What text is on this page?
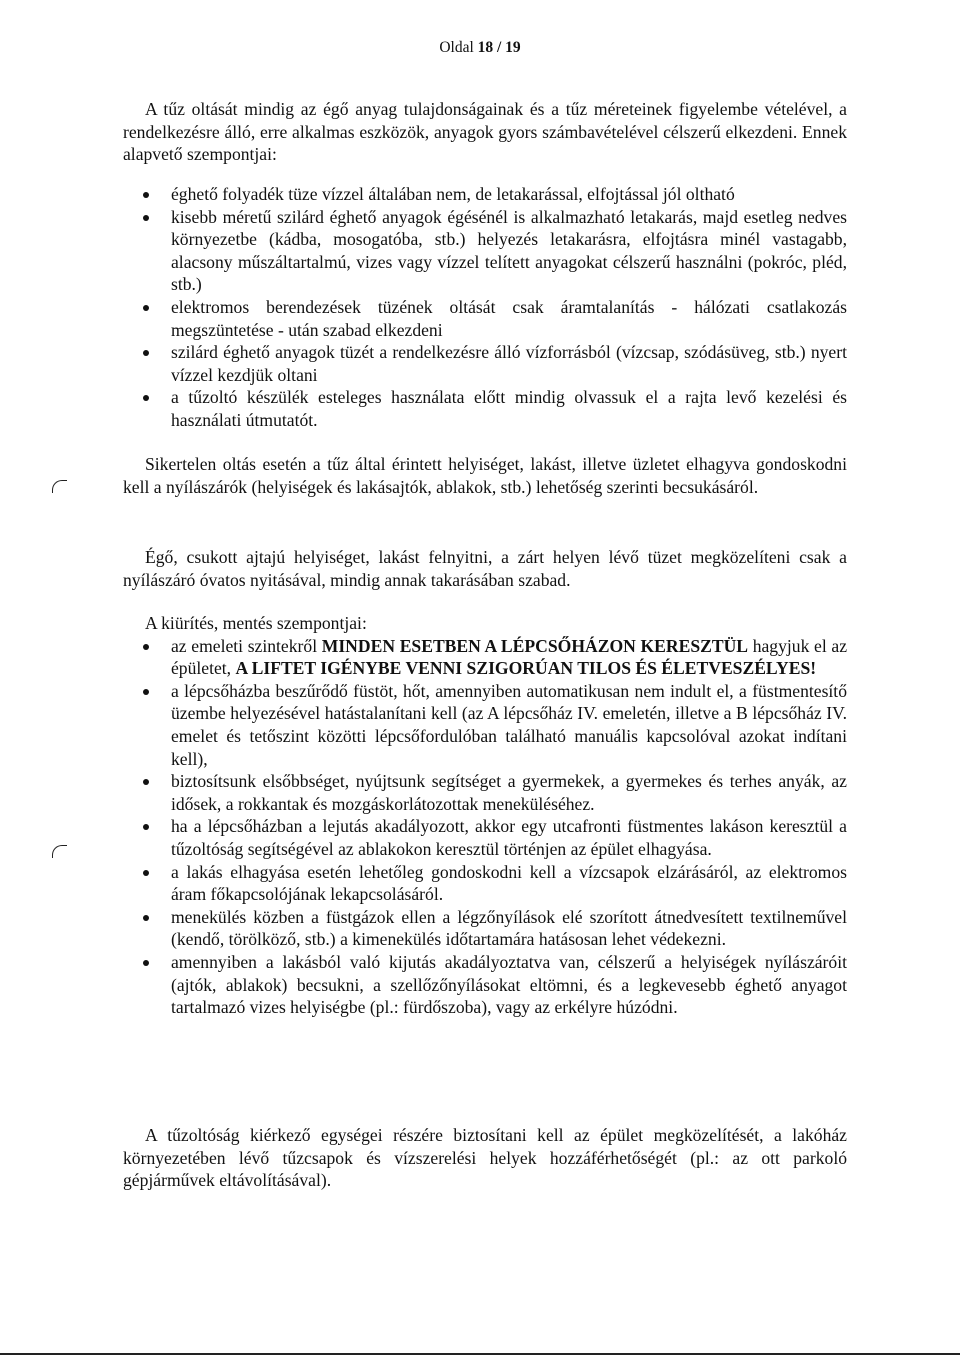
Oldal 18 / 19

A tűz oltását mindig az égő anyag tulajdonságainak és a tűz méreteinek figyelembe vételével, a rendelkezésre álló, erre alkalmas eszközök, anyagok gyors számbavételével célszerű elkezdeni. Ennek alapvető szempontjai:

éghető folyadék tüze vízzel általában nem, de letakarással, elfojtással jól oltható
kisebb méretű szilárd éghető anyagok égésénél is alkalmazható letakarás, majd esetleg nedves környezetbe (kádba, mosogatóba, stb.) helyezés letakarásra, elfojtásra minél vastagabb, alacsony műszáltartalmú, vizes vagy vízzel telített anyagokat célszerű használni (pokróc, pléd, stb.)
elektromos berendezések tüzének oltását csak áramtalanítás - hálózati csatlakozás megszüntetése - után szabad elkezdeni
szilárd éghető anyagok tüzét a rendelkezésre álló vízforrásból (vízcsap, szódásüveg, stb.) nyert vízzel kezdjük oltani
a tűzoltó készülék esteleges használata előtt mindig olvassuk el a rajta levő kezelési és használati útmutatót.

Sikertelen oltás esetén a tűz által érintett helyiséget, lakást, illetve üzletet elhagyva gondoskodni kell a nyílászárók (helyiségek és lakásajtók, ablakok, stb.) lehetőség szerinti becsukásáról.

Égő, csukott ajtajú helyiséget, lakást felnyitni, a zárt helyen lévő tüzet megközelíteni csak a nyílászáró óvatos nyitásával, mindig annak takarásában szabad.

A kiürítés, mentés szempontjai:

az emeleti szintekről MINDEN ESETBEN A LÉPCSŐHÁZON KERESZTÜL hagyjuk el az épületet, A LIFTET IGÉNYBE VENNI SZIGORÚAN TILOS ÉS ÉLETVESZÉLYES!
a lépcsőházba beszűrődő füstöt, hőt, amennyiben automatikusan nem indult el, a füstmentesítő üzembe helyezésével hatástalanítani kell (az A lépcsőház IV. emeletén, illetve a B lépcsőház IV. emelet és tetőszint közötti lépcsőfordulóban található manuális kapcsolóval azokat indítani kell),
biztosítsunk elsőbbséget, nyújtsunk segítséget a gyermekek, a gyermekes és terhes anyák, az idősek, a rokkantak és mozgáskorlátozottak meneküléséhez.
ha a lépcsőházban a lejutás akadályozott, akkor egy utcafronti füstmentes lakáson keresztül a tűzoltóság segítségével az ablakokon keresztül történjen az épület elhagyása.
a lakás elhagyása esetén lehetőleg gondoskodni kell a vízcsapok elzárásáról, az elektromos áram főkapcsolójának lekapcsolásáról.
menekülés közben a füstgázok ellen a légzőnyílások elé szorított átnedvesített textilneművel (kendő, törölköző, stb.) a kimenekülés időtartamára hatásosan lehet védekezni.
amennyiben a lakásból való kijutás akadályoztatva van, célszerű a helyiségek nyílászáróit (ajtók, ablakok) becsukni, a szellőzőnyílásokat eltömni, és a legkevesebb éghető anyagot tartalmazó vizes helyiségbe (pl.: fürdőszoba), vagy az erkélyre húzódni.

A tűzoltóság kiérkező egységei részére biztosítani kell az épület megközelítését, a lakóház környezetében lévő tűzcsapok és vízszerelési helyek hozzáférhetőségét (pl.: az ott parkoló gépjárművek eltávolításával).
